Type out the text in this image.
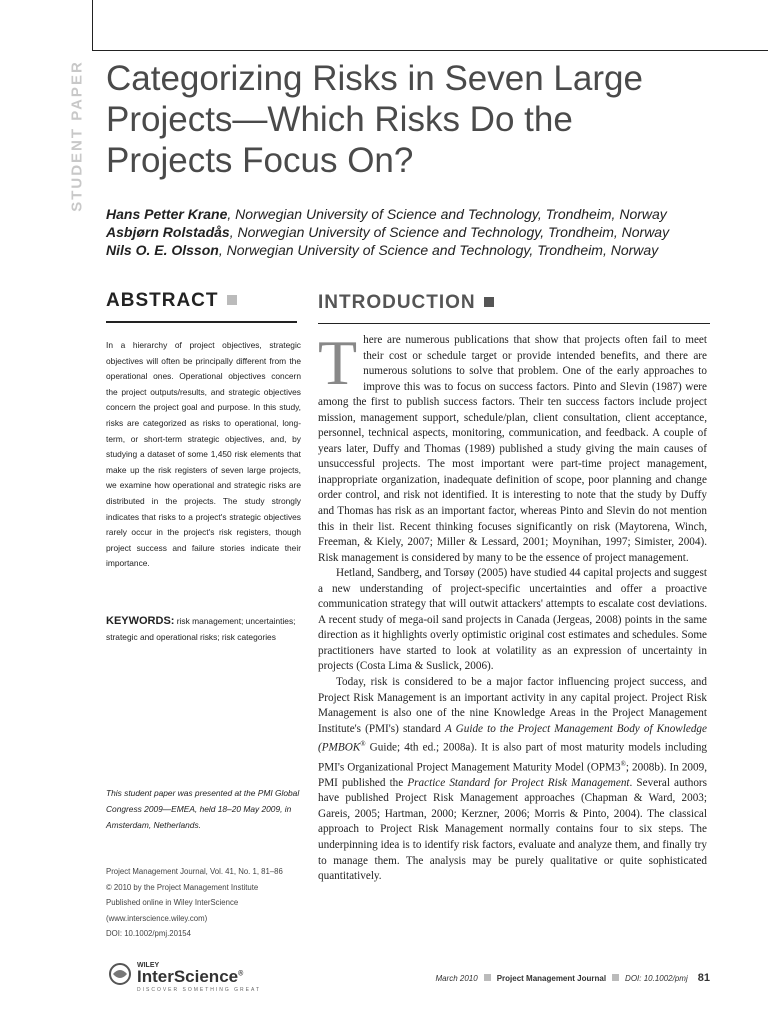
STUDENT PAPER Categorizing Risks in Seven Large Projects—Which Risks Do the Projects Focus On?
Hans Petter Krane, Norwegian University of Science and Technology, Trondheim, Norway
Asbjørn Rolstadås, Norwegian University of Science and Technology, Trondheim, Norway
Nils O. E. Olsson, Norwegian University of Science and Technology, Trondheim, Norway
ABSTRACT	INTRODUCTION
In a hierarchy of project objectives, strategic objectives will often be principally different from the operational ones. Operational objectives concern the project outputs/results, and strategic objectives concern the project goal and purpose. In this study, risks are categorized as risks to operational, long-term, or short-term strategic objectives, and, by studying a dataset of some 1,450 risk elements that make up the risk registers of seven large projects, we examine how operational and strategic risks are distributed in the projects. The study strongly indicates that risks to a project's strategic objectives rarely occur in the project's risk registers, though project success and failure stories indicate their importance.
KEYWORDS: risk management; uncertainties; strategic and operational risks; risk categories
This student paper was presented at the PMI Global Congress 2009—EMEA, held 18–20 May 2009, in Amsterdam, Netherlands.
Project Management Journal, Vol. 41, No. 1, 81–86
© 2010 by the Project Management Institute
Published online in Wiley InterScience
(www.interscience.wiley.com)
DOI: 10.1002/pmj.20154

There are numerous publications that show that projects often fail to meet their cost or schedule target or provide intended benefits, and there are numerous solutions to solve that problem. One of the early approaches to improve this was to focus on success factors. Pinto and Slevin (1987) were among the first to publish success factors. Their ten success factors include project mission, management support, schedule/plan, client consultation, client acceptance, personnel, technical aspects, monitoring, communication, and feedback. A couple of years later, Duffy and Thomas (1989) published a study giving the main causes of unsuccessful projects. The most important were part-time project management, inappropriate organization, inadequate definition of scope, poor planning and change order control, and risk not identified. It is interesting to note that the study by Duffy and Thomas has risk as an important factor, whereas Pinto and Slevin do not mention this in their list. Recent thinking focuses significantly on risk (Maytorena, Winch, Freeman, & Kiely, 2007; Miller & Lessard, 2001; Moynihan, 1997; Simister, 2004). Risk management is considered by many to be the essence of project management.

Hetland, Sandberg, and Torsøy (2005) have studied 44 capital projects and suggest a new understanding of project-specific uncertainties and offer a proactive communication strategy that will outwit attackers' attempts to escalate cost deviations. A recent study of mega-oil sand projects in Canada (Jergeas, 2008) points in the same direction as it highlights overly optimistic original cost estimates and schedules. Some practitioners have started to look at volatility as an expression of uncertainty in projects (Costa Lima & Suslick, 2006).

Today, risk is considered to be a major factor influencing project success, and Project Risk Management is an important activity in any capital project. Project Risk Management is also one of the nine Knowledge Areas in the Project Management Institute's (PMI's) standard A Guide to the Project Management Body of Knowledge (PMBOK® Guide; 4th ed.; 2008a). It is also part of most maturity models including PMI's Organizational Project Management Maturity Model (OPM3®; 2008b). In 2009, PMI published the Practice Standard for Project Risk Management. Several authors have published Project Risk Management approaches (Chapman & Ward, 2003; Gareis, 2005; Hartman, 2000; Kerzner, 2006; Morris & Pinto, 2004). The classical approach to Project Risk Management normally contains four to six steps. The underpinning idea is to identify risk factors, evaluate and analyze them, and finally try to manage them. The analysis may be purely qualitative or quite sophisticated quantitatively.

WILEY
InterScience®
DISCOVER SOMETHING GREAT
March 2010 Project Management Journal DOI: 10.1002/pmj 81
